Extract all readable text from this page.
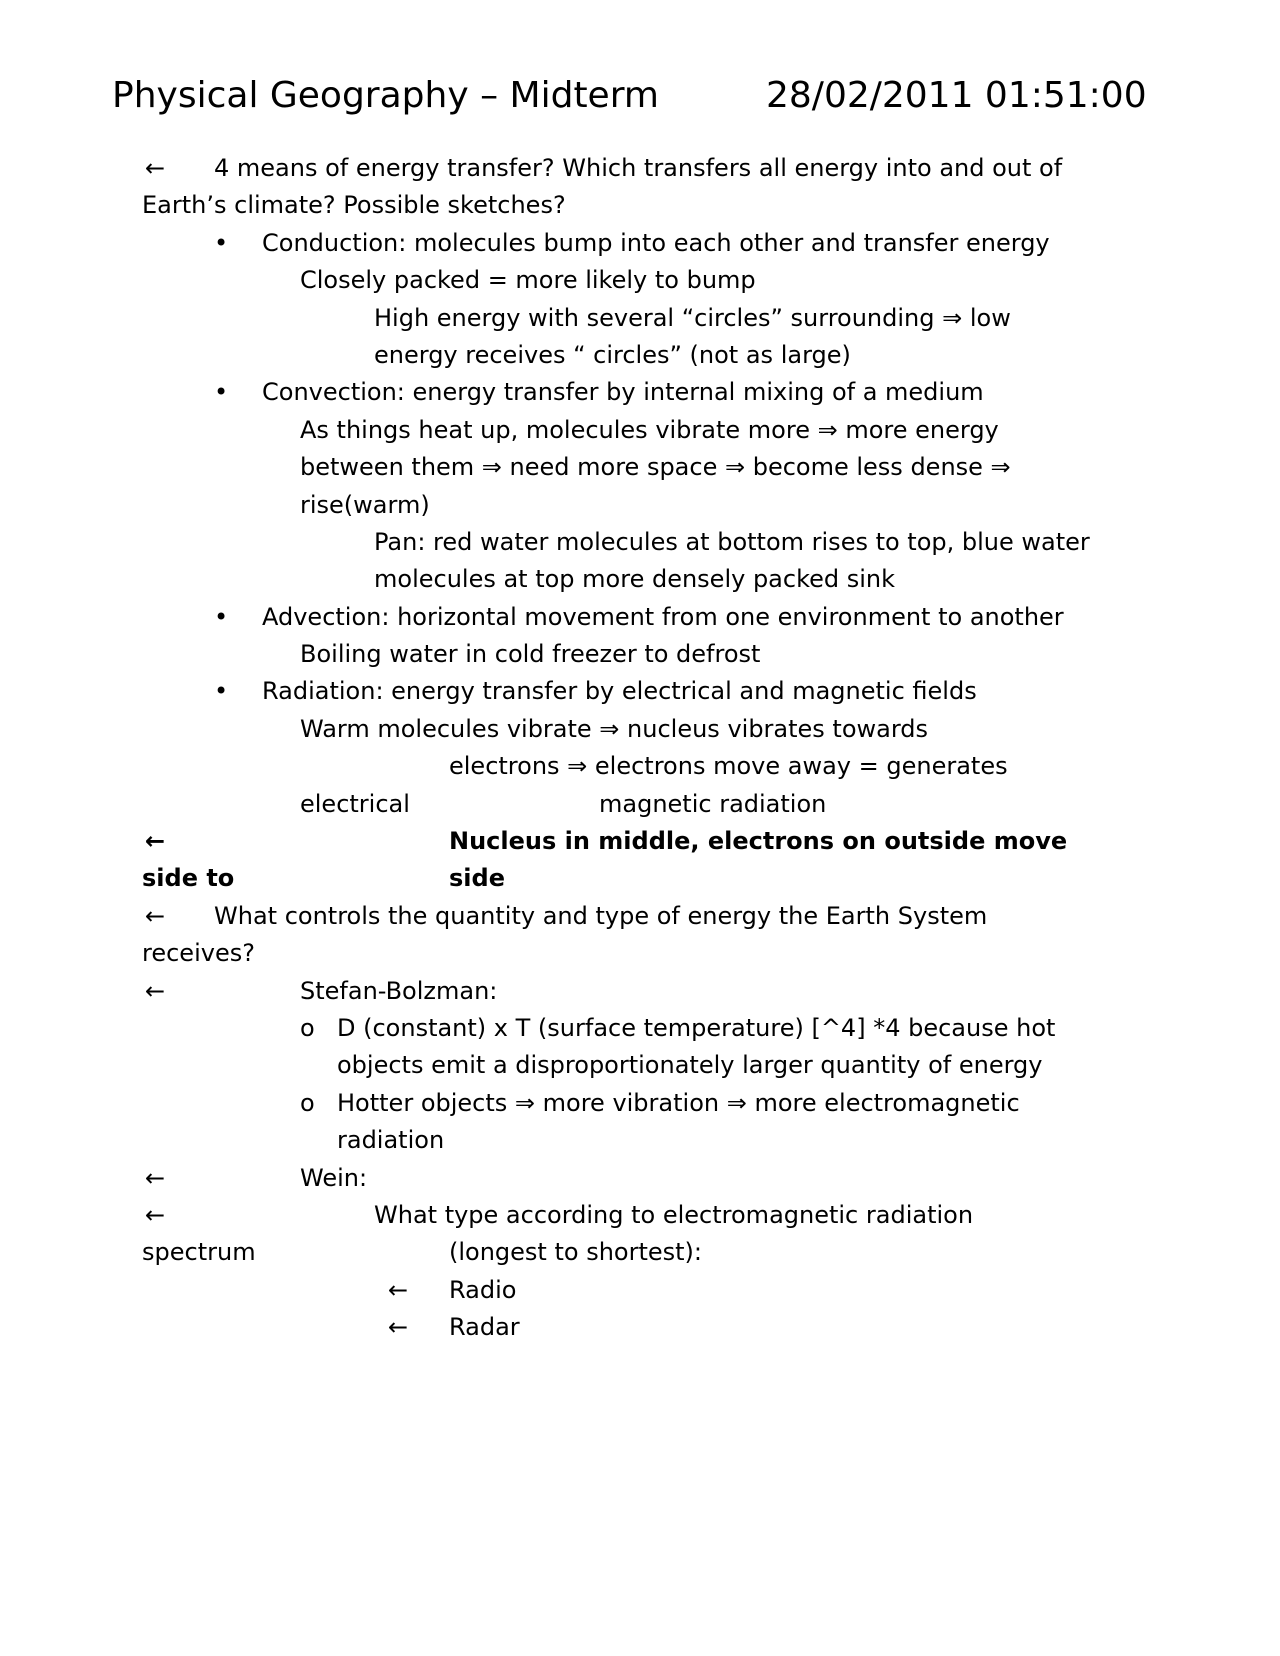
Physical Geography – Midterm	28/02/2011 01:51:00
← 4 means of energy transfer? Which transfers all energy into and out of
Earth’s climate? Possible sketches?
• Conduction: molecules bump into each other and transfer energy
Closely packed = more likely to bump
High energy with several “circles” surrounding ⇒ low
energy receives “ circles” (not as large)
• Convection: energy transfer by internal mixing of a medium
As things heat up, molecules vibrate more ⇒ more energy
between them ⇒ need more space ⇒ become less dense ⇒
rise(warm)
Pan: red water molecules at bottom rises to top, blue water
molecules at top more densely packed sink
• Advection: horizontal movement from one environment to another
Boiling water in cold freezer to defrost
• Radiation: energy transfer by electrical and magnetic fields
Warm molecules vibrate ⇒ nucleus vibrates towards
electrons ⇒ electrons move away = generates
electrical	magnetic radiation
←	Nucleus in middle, electrons on outside move
side to	side
← What controls the quantity and type of energy the Earth System
receives?
←	Stefan-Bolzman:
o D (constant) x T (surface temperature) [^4] *4 because hot
objects emit a disproportionately larger quantity of energy
o Hotter objects ⇒ more vibration ⇒ more electromagnetic
radiation
←	Wein:
←	What type according to electromagnetic radiation
spectrum	(longest to shortest):
← Radio
← Radar
